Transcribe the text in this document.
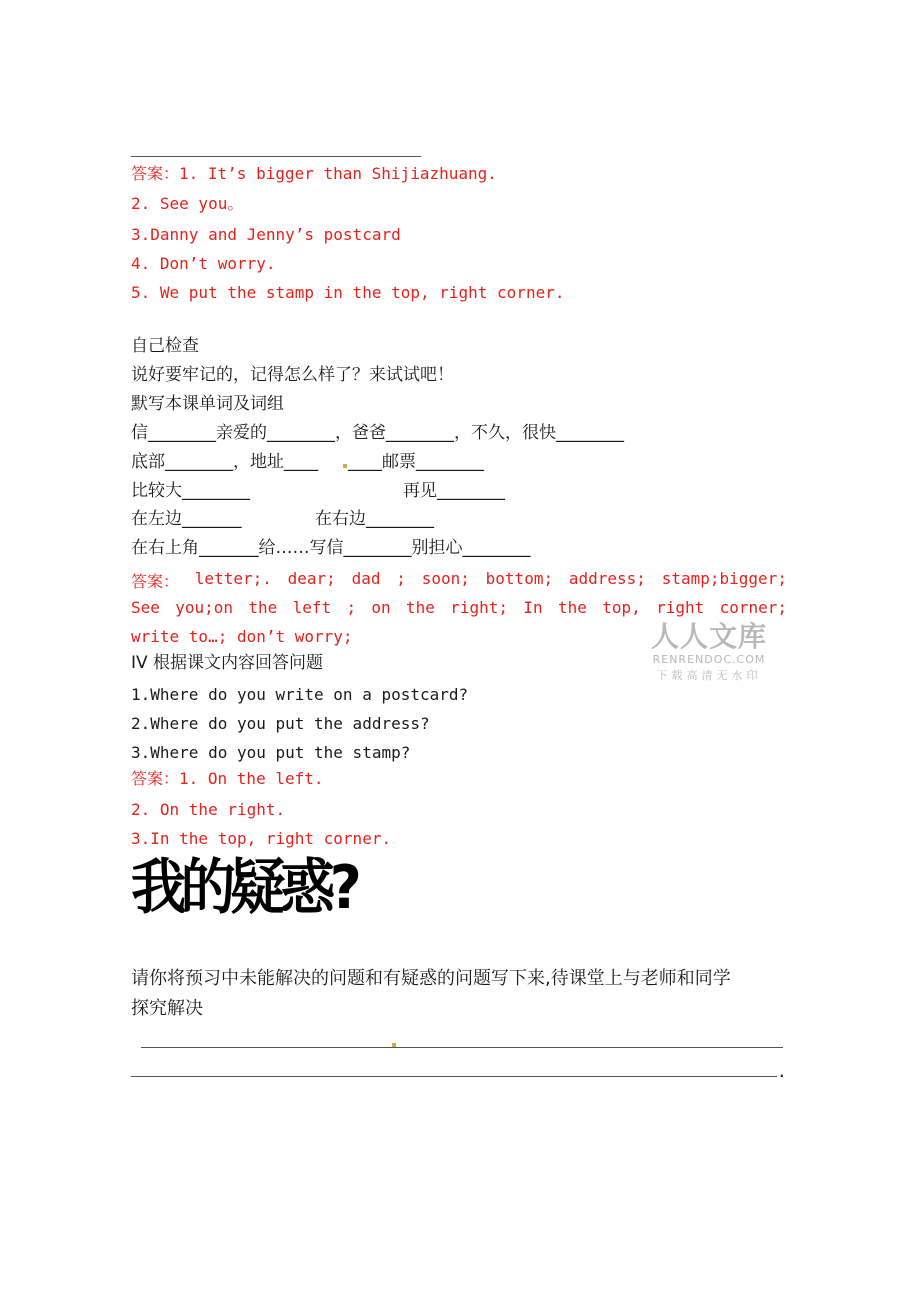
答案：1. It’s bigger than Shijiazhuang.
2. See you。
3.Danny and Jenny’s postcard
4. Don’t worry.
5. We put the stamp in the top, right corner.
自己检查
说好要牢记的，记得怎么样了？来试试吧！
默写本课单词及词组
信________亲爱的________，爸爸________，不久，很快________
底部________，地址____ ____邮票________
比较大________	再见________
在左边_______	在右边________
在右上角_______给……写信________别担心________
答案： letter;. dear; dad ; soon; bottom; address; stamp;bigger;
See you;on the left ; on the right; In the top, right corner;
write to…; don’t worry;	人人文库
RENRENDOC.COM
下载高清无水印
IV 根据课文内容回答问题
1.Where do you write on a postcard?
2.Where do you put the address?
3.Where do you put the stamp?
答案：1. On the left.
2. On the right.
3.In the top, right corner.
我的疑惑?
请你将预习中未能解决的问题和有疑惑的问题写下来,待课堂上与老师和同学
探究解决
.
